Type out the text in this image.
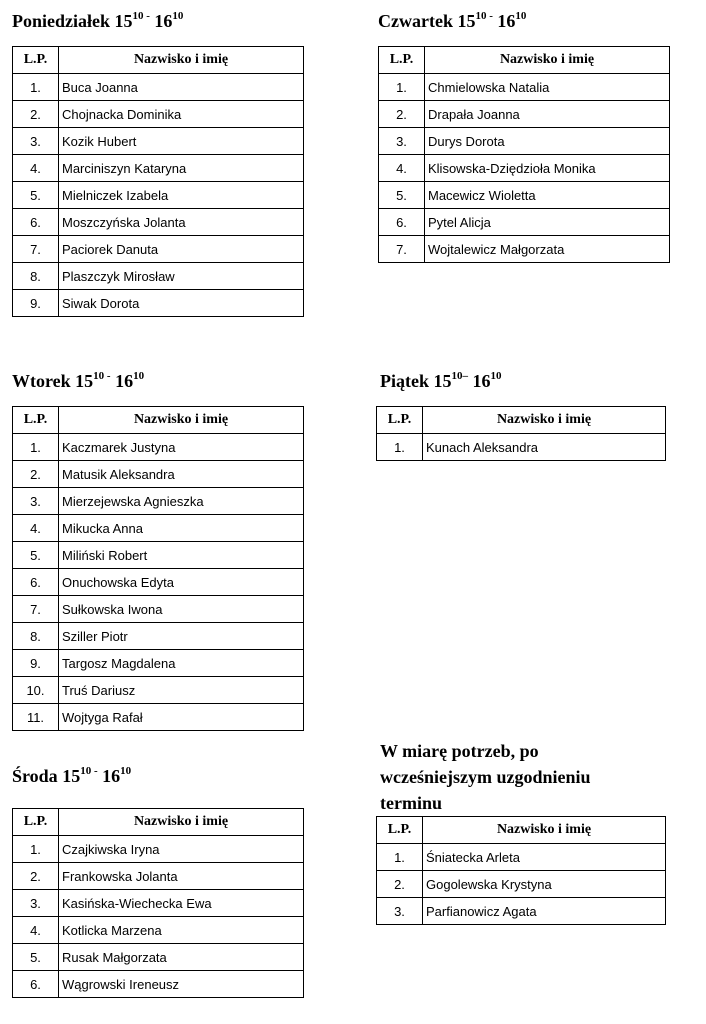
Poniedziałek $15^{10}$ - $16^{10}$
L.P.	Nazwisko i imię
1.	Buca Joanna
2.	Chojnacka Dominika
3.	Kozik Hubert
4.	Marciniszyn Kataryna
5.	Mielniczek Izabela
6.	Moszczyńska Jolanta
7.	Paciorek Danuta
8.	Plaszczyk Mirosław
9.	Siwak Dorota
Czwartek $15^{10}$ - $16^{10}$
L.P.	Nazwisko i imię
1.	Chmielowska Natalia
2.	Drapała Joanna
3.	Durys Dorota
4.	Klisowska-Dziędzioła Monika
5.	Macewicz Wioletta
6.	Pytel Alicja
7.	Wojtalewicz Małgorzata
Wtorek $15^{10}$ - $16^{10}$
L.P.	Nazwisko i imię
1.	Kaczmarek Justyna
2.	Matusik Aleksandra
3.	Mierzejewska Agnieszka
4.	Mikucka Anna
5.	Miliński Robert
6.	Onuchowska Edyta
7.	Sułkowska Iwona
8.	Sziller Piotr
9.	Targosz Magdalena
10.	Truś Dariusz
11.	Wojtyga Rafał
Piątek $15^{10-}$ $16^{10}$
L.P.	Nazwisko i imię
1.	Kunach Aleksandra
Środa $15^{10}$ - $16^{10}$
L.P.	Nazwisko i imię
1.	Czajkiwska Iryna
2.	Frankowska Jolanta
3.	Kasińska-Wiechecka Ewa
4.	Kotlicka Marzena
5.	Rusak Małgorzata
6.	Wągrowski Ireneusz
W miarę potrzeb, po wcześniejszym uzgodnieniu terminu
L.P.	Nazwisko i imię
1.	Śniatecka Arleta
2.	Gogolewska Krystyna
3.	Parfianowicz Agata
